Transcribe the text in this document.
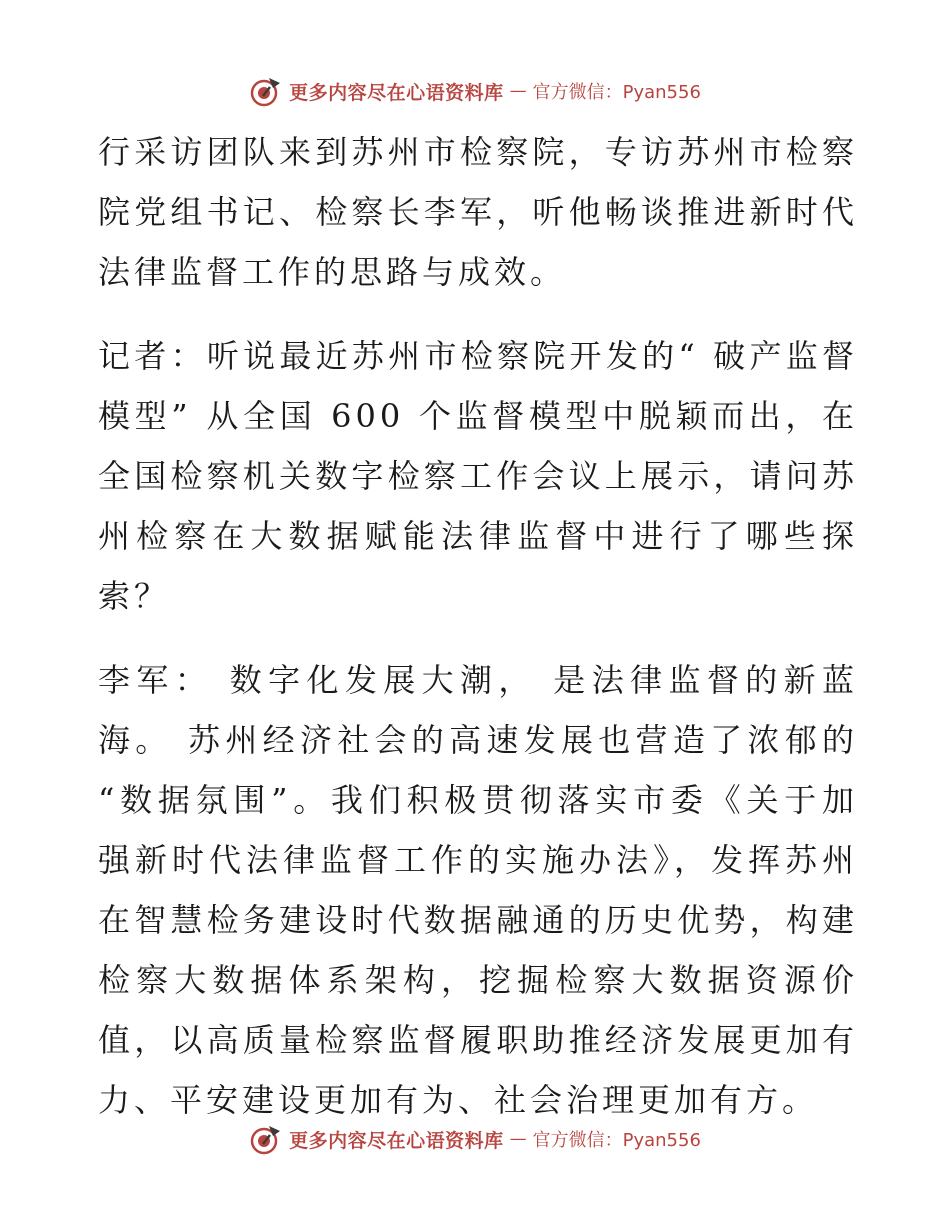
更多内容尽在心语资料库 — 官方微信：Pyan556

行采访团队来到苏州市检察院，专访苏州市检察院党组书记、检察长李军，听他畅谈推进新时代法律监督工作的思路与成效。

记者：听说最近苏州市检察院开发的“ 破产监督模型” 从全国 600 个监督模型中脱颖而出，在全国检察机关数字检察工作会议上展示，请问苏州检察在大数据赋能法律监督中进行了哪些探索？

李军： 数字化发展大潮， 是法律监督的新蓝海。 苏州经济社会的高速发展也营造了浓郁的 “数据氛围”。我们积极贯彻落实市委《关于加强新时代法律监督工作的实施办法》，发挥苏州在智慧检务建设时代数据融通的历史优势，构建检察大数据体系架构，挖掘检察大数据资源价值，以高质量检察监督履职助推经济发展更加有力、平安建设更加有为、社会治理更加有方。

更多内容尽在心语资料库 — 官方微信：Pyan556
